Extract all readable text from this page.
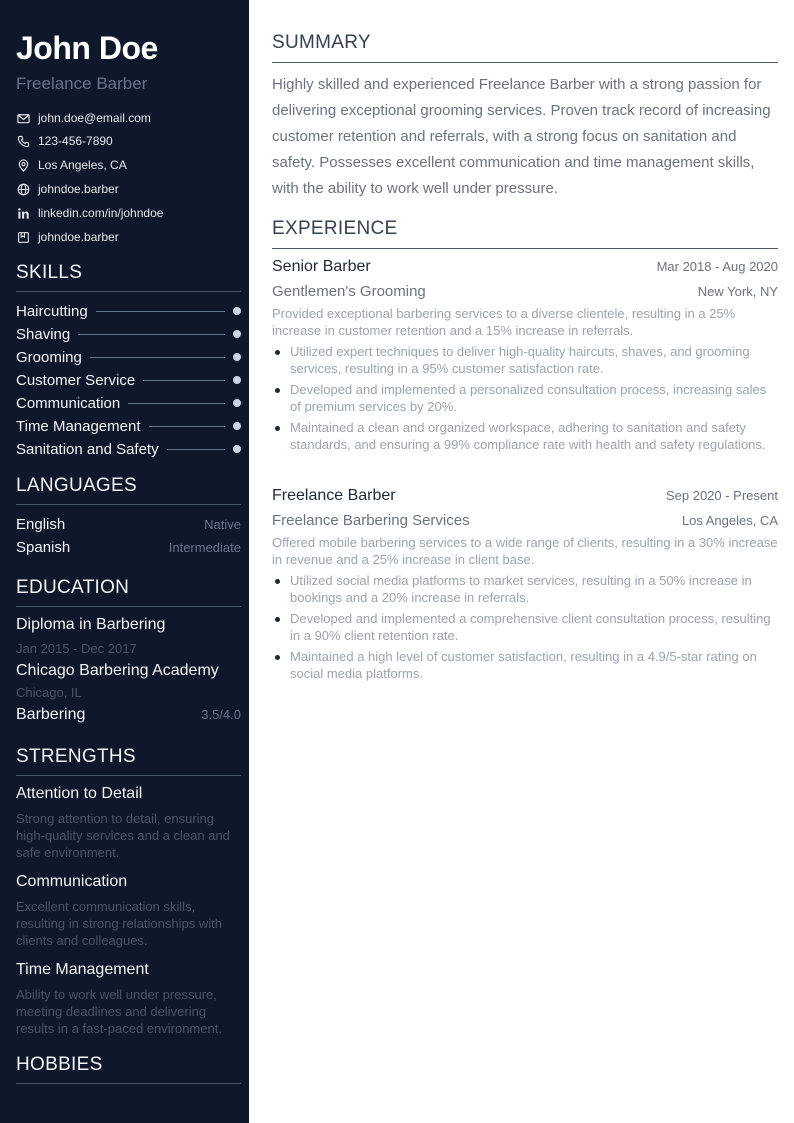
John Doe
Freelance Barber
john.doe@email.com
123-456-7890
Los Angeles, CA
johndoe.barber
linkedin.com/in/johndoe
johndoe.barber
SKILLS
Haircutting
Shaving
Grooming
Customer Service
Communication
Time Management
Sanitation and Safety
LANGUAGES
English	Native
Spanish	Intermediate
EDUCATION
Diploma in Barbering
Jan 2015 - Dec 2017
Chicago Barbering Academy
Chicago, IL
Barbering	3.5/4.0
STRENGTHS
Attention to Detail
Strong attention to detail, ensuring high-quality services and a clean and safe environment.
Communication
Excellent communication skills, resulting in strong relationships with clients and colleagues.
Time Management
Ability to work well under pressure, meeting deadlines and delivering results in a fast-paced environment.
HOBBIES
SUMMARY

Highly skilled and experienced Freelance Barber with a strong passion for delivering exceptional grooming services. Proven track record of increasing customer retention and referrals, with a strong focus on sanitation and safety. Possesses excellent communication and time management skills, with the ability to work well under pressure.

EXPERIENCE
Senior Barber	Mar 2018 - Aug 2020
Gentlemen's Grooming	New York, NY

Provided exceptional barbering services to a diverse clientele, resulting in a 25% increase in customer retention and a 15% increase in referrals.

Utilized expert techniques to deliver high-quality haircuts, shaves, and grooming services, resulting in a 95% customer satisfaction rate.
Developed and implemented a personalized consultation process, increasing sales of premium services by 20%.
Maintained a clean and organized workspace, adhering to sanitation and safety standards, and ensuring a 99% compliance rate with health and safety regulations.
Freelance Barber	Sep 2020 - Present
Freelance Barbering Services	Los Angeles, CA

Offered mobile barbering services to a wide range of clients, resulting in a 30% increase in revenue and a 25% increase in client base.

Utilized social media platforms to market services, resulting in a 50% increase in bookings and a 20% increase in referrals.
Developed and implemented a comprehensive client consultation process, resulting in a 90% client retention rate.
Maintained a high level of customer satisfaction, resulting in a 4.9/5-star rating on social media platforms.
